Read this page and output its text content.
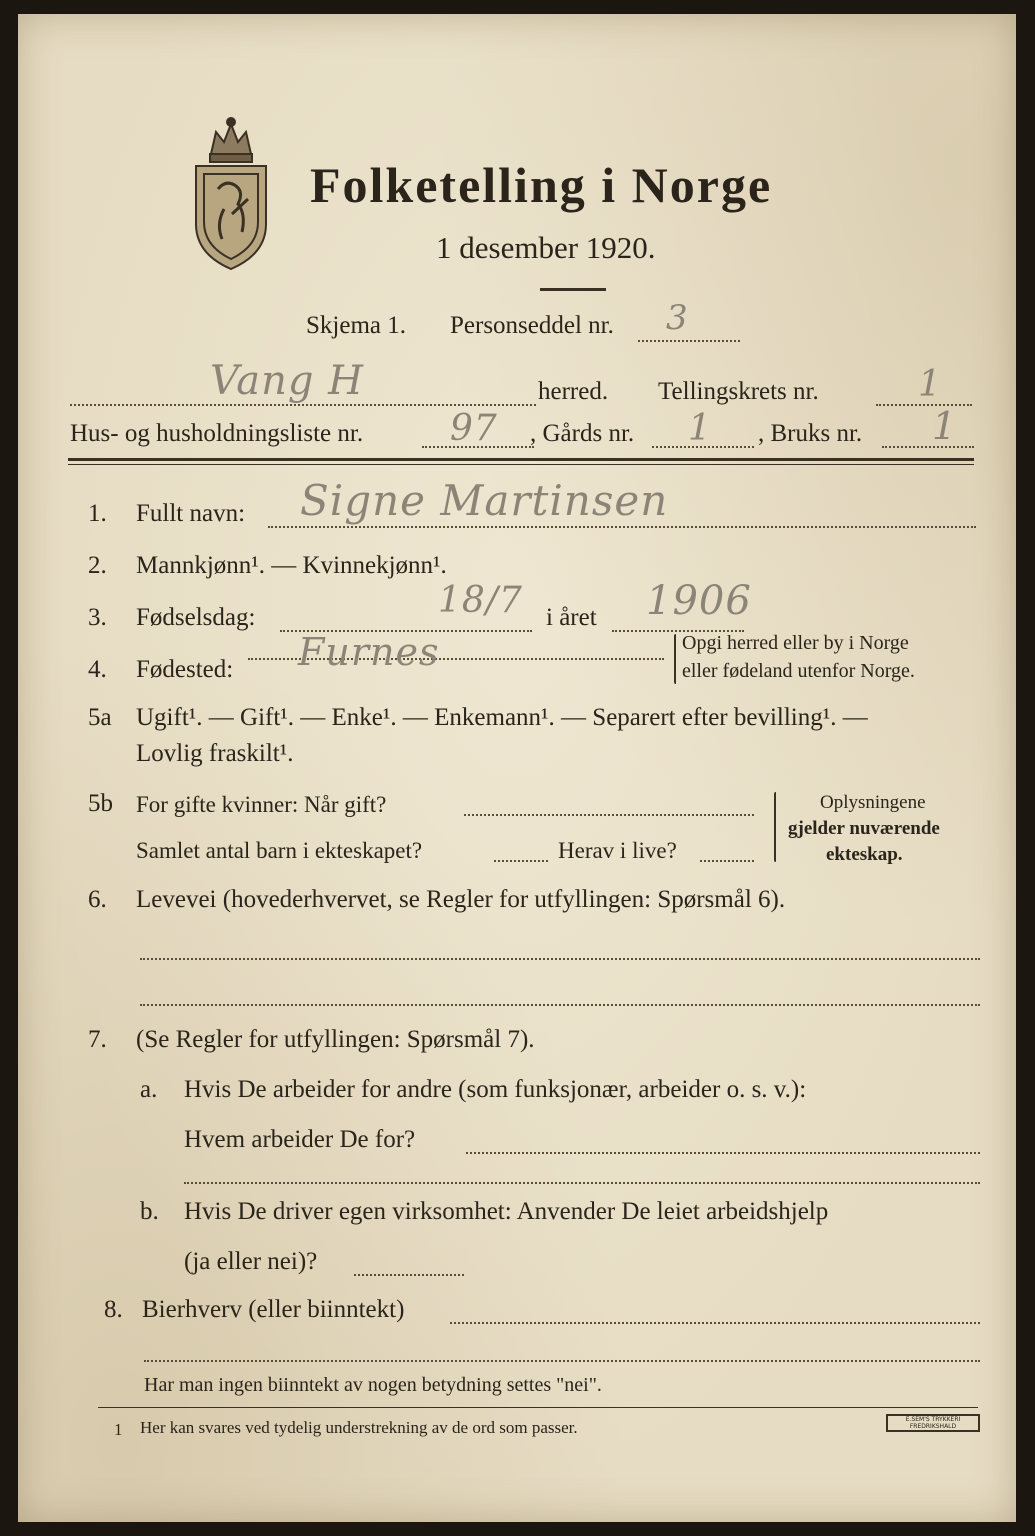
Folketelling i Norge
1 desember 1920.
Skjema 1. Personseddel nr. 3
Vang H	herred. Tellingskrets nr.	1
Hus- og husholdningsliste nr. 97 , Gårds nr. 1 , Bruks nr. 1
1. Fullt navn: Signe Martinsen
2. Mannkjønn¹. — Kvinnekjønn¹.
3. Fødselsdag:	18/7 i året 1906
4. Fødested: Furnes	Opgi herred eller by i Norge
eller fødeland utenfor Norge.
5a Ugift¹. — Gift¹. — Enke¹. — Enkemann¹. — Separert efter bevilling¹. —
Lovlig fraskilt¹.
5b For gifte kvinner: Når gift?
Samlet antal barn i ekteskapet?	Herav i live?
Oplysningene
gjelder nuværende
ekteskap.
6. Levevei (hovederhvervet, se Regler for utfyllingen: Spørsmål 6).
7. (Se Regler for utfyllingen: Spørsmål 7).
a. Hvis De arbeider for andre (som funksjonær, arbeider o. s. v.):
Hvem arbeider De for?
b. Hvis De driver egen virksomhet: Anvender De leiet arbeidshjelp
(ja eller nei)?
8. Bierhverv (eller biinntekt)
Har man ingen biinntekt av nogen betydning settes "nei".
1 Her kan svares ved tydelig understrekning av de ord som passer.	E.SEM'S TRYKKERI FREDRIKSHALD
